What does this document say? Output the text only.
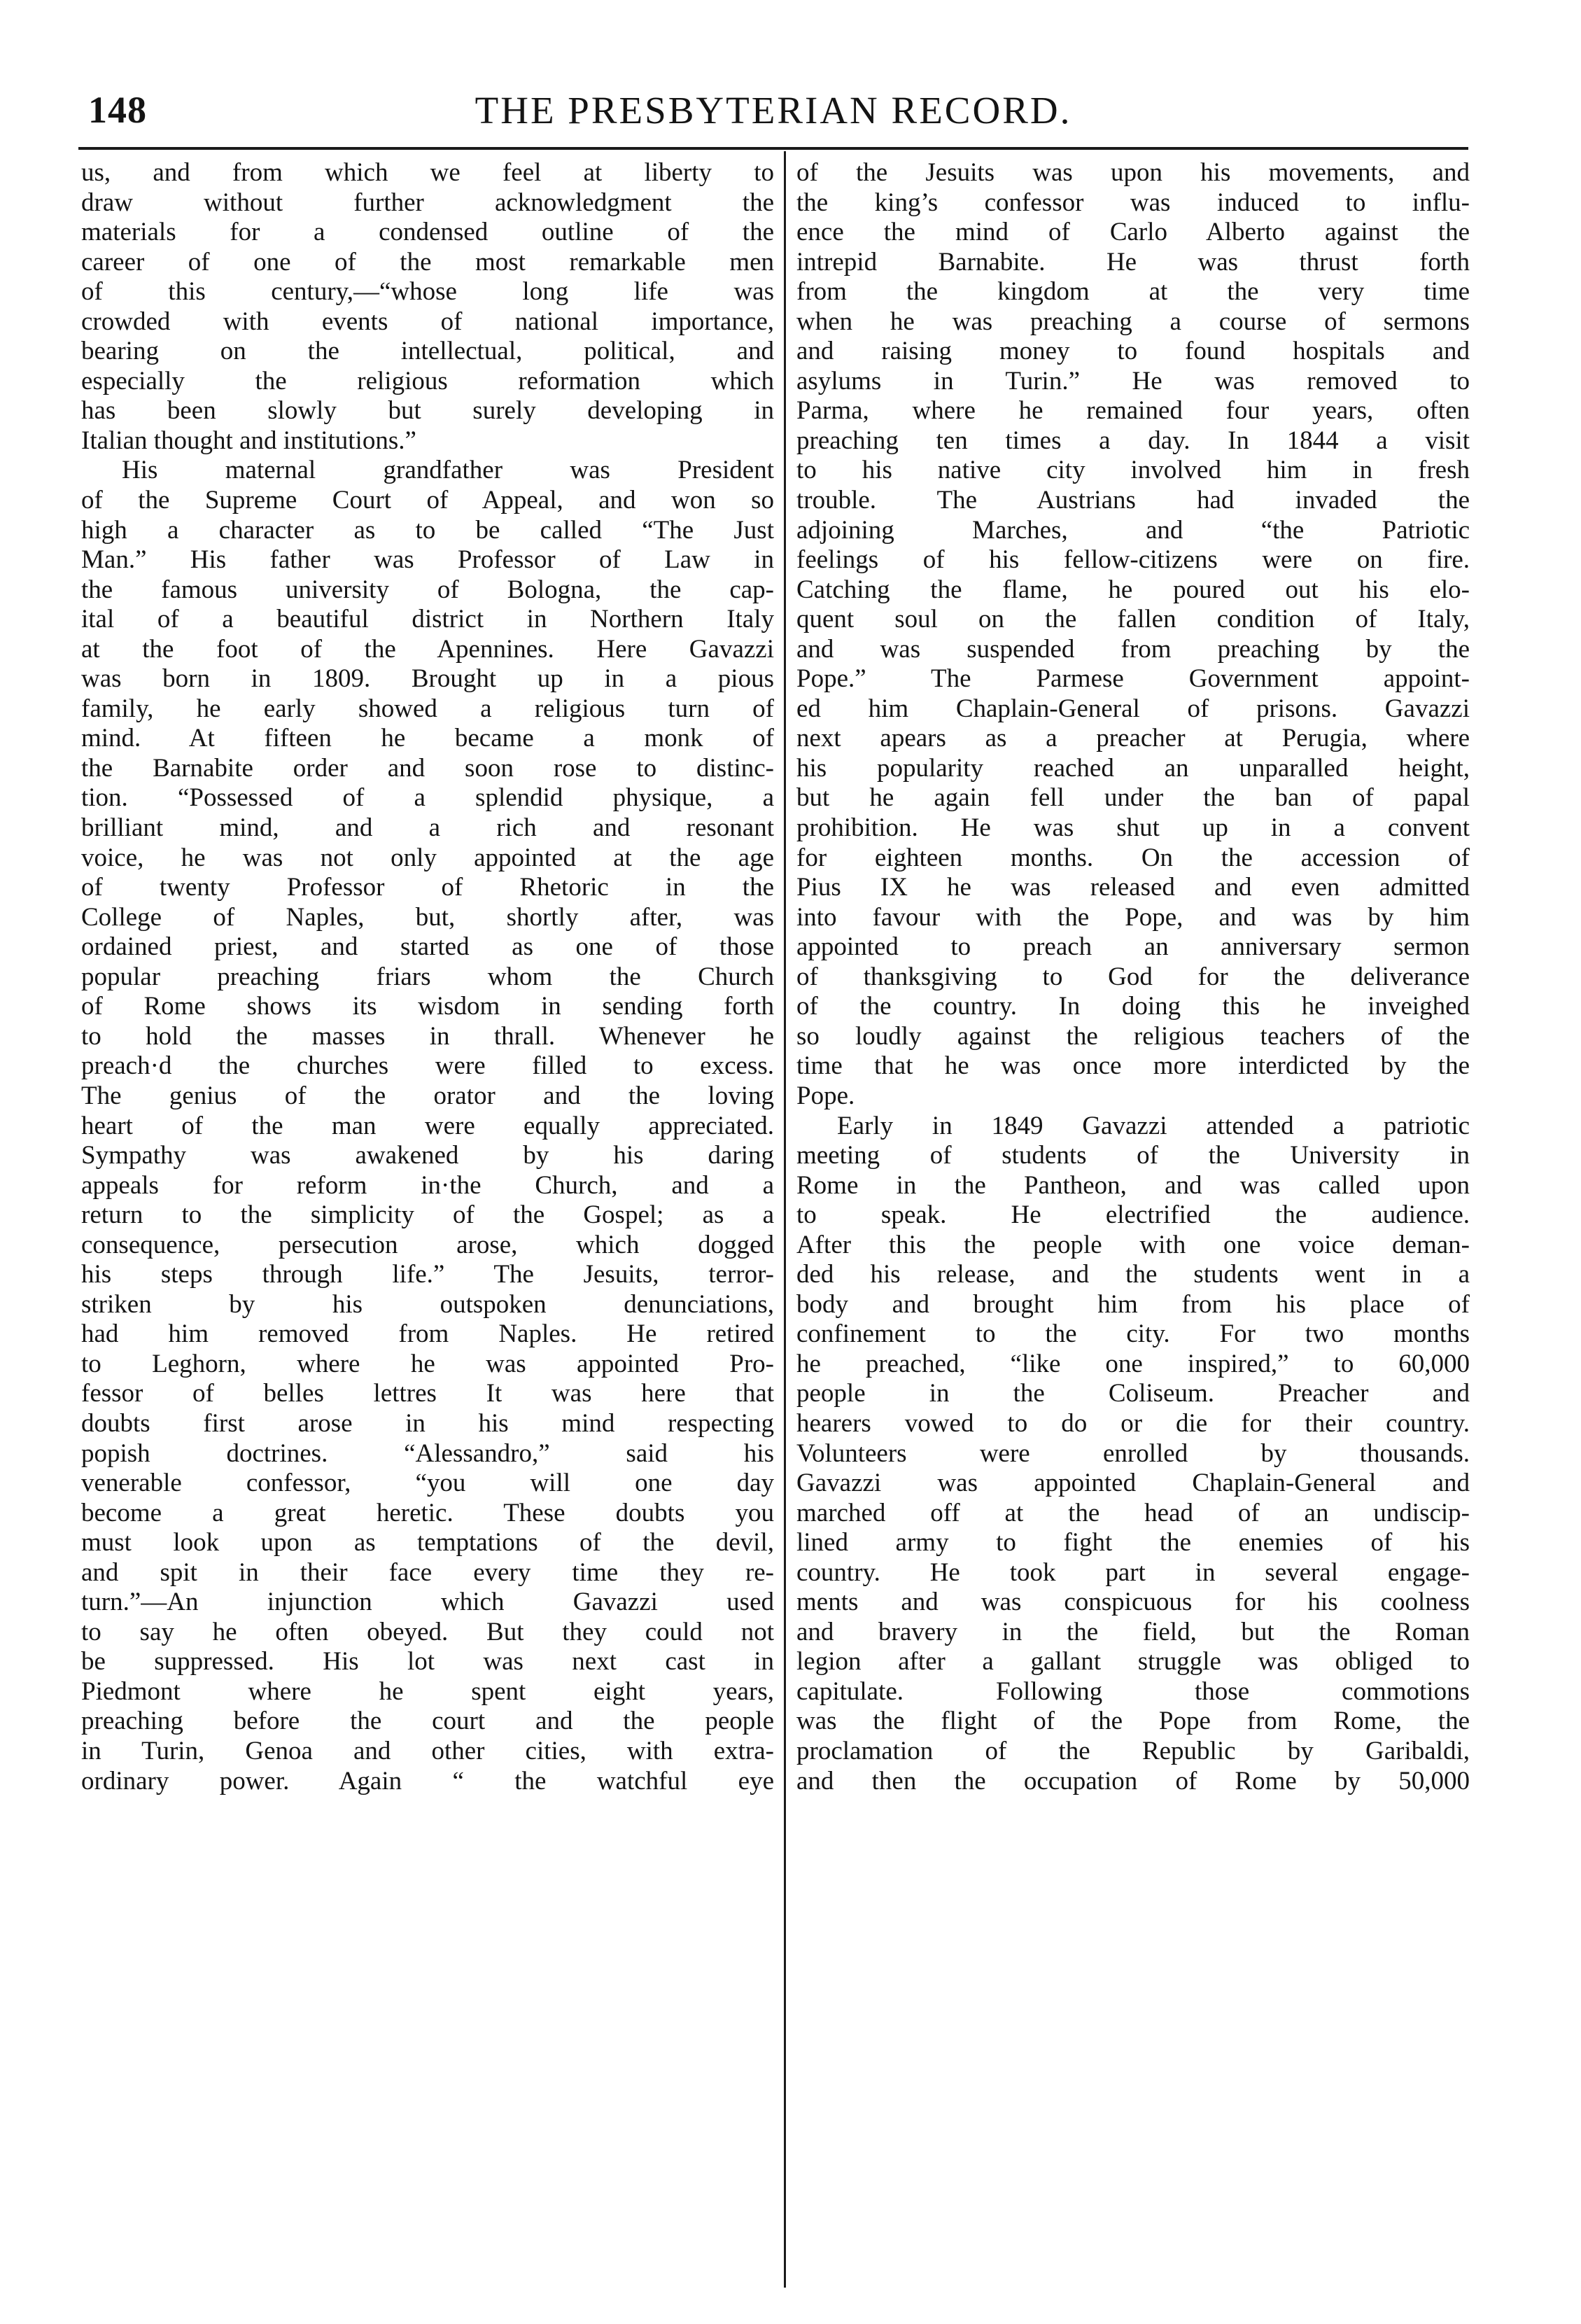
148	THE PRESBYTERIAN RECORD.
us, and from which we feel at liberty to
draw without further acknowledgment the
materials for a condensed outline of the
career of one of the most remarkable men
of this century,—“whose long life was
crowded with events of national importance,
bearing on the intellectual, political, and
especially the religious reformation which
has been slowly but surely developing in
Italian thought and institutions.”
His maternal grandfather was President
of the Supreme Court of Appeal, and won so
high a character as to be called “The Just
Man.” His father was Professor of Law in
the famous university of Bologna, the cap-
ital of a beautiful district in Northern Italy
at the foot of the Apennines. Here Gavazzi
was born in 1809. Brought up in a pious
family, he early showed a religious turn of
mind. At fifteen he became a monk of
the Barnabite order and soon rose to distinc-
tion. “Possessed of a splendid physique, a
brilliant mind, and a rich and resonant
voice, he was not only appointed at the age
of twenty Professor of Rhetoric in the
College of Naples, but, shortly after, was
ordained priest, and started as one of those
popular preaching friars whom the Church
of Rome shows its wisdom in sending forth
to hold the masses in thrall. Whenever he
preach·d the churches were filled to excess.
The genius of the orator and the loving
heart of the man were equally appreciated.
Sympathy was awakened by his daring
appeals for reform in·the Church, and a
return to the simplicity of the Gospel; as a
consequence, persecution arose, which dogged
his steps through life.” The Jesuits, terror-
striken by his outspoken denunciations,
had him removed from Naples. He retired
to Leghorn, where he was appointed Pro-
fessor of belles lettres It was here that
doubts first arose in his mind respecting
popish doctrines. “Alessandro,” said his
venerable confessor, “you will one day
become a great heretic. These doubts you
must look upon as temptations of the devil,
and spit in their face every time they re-
turn.”—An injunction which Gavazzi used
to say he often obeyed. But they could not
be suppressed. His lot was next cast in
Piedmont where he spent eight years,
preaching before the court and the people
in Turin, Genoa and other cities, with extra-
ordinary power. Again “ the watchful eye
of the Jesuits was upon his movements, and
the king’s confessor was induced to influ-
ence the mind of Carlo Alberto against the
intrepid Barnabite. He was thrust forth
from the kingdom at the very time
when he was preaching a course of sermons
and raising money to found hospitals and
asylums in Turin.” He was removed to
Parma, where he remained four years, often
preaching ten times a day. In 1844 a visit
to his native city involved him in fresh
trouble. The Austrians had invaded the
adjoining Marches, and “the Patriotic
feelings of his fellow-citizens were on fire.
Catching the flame, he poured out his elo-
quent soul on the fallen condition of Italy,
and was suspended from preaching by the
Pope.” The Parmese Government appoint-
ed him Chaplain-General of prisons. Gavazzi
next apears as a preacher at Perugia, where
his popularity reached an unparalled height,
but he again fell under the ban of papal
prohibition. He was shut up in a convent
for eighteen months. On the accession of
Pius IX he was released and even admitted
into favour with the Pope, and was by him
appointed to preach an anniversary sermon
of thanksgiving to God for the deliverance
of the country. In doing this he inveighed
so loudly against the religious teachers of the
time that he was once more interdicted by the
Pope.
Early in 1849 Gavazzi attended a patriotic
meeting of students of the University in
Rome in the Pantheon, and was called upon
to speak. He electrified the audience.
After this the people with one voice deman-
ded his release, and the students went in a
body and brought him from his place of
confinement to the city. For two months
he preached, “like one inspired,” to 60,000
people in the Coliseum. Preacher and
hearers vowed to do or die for their country.
Volunteers were enrolled by thousands.
Gavazzi was appointed Chaplain-General and
marched off at the head of an undiscip-
lined army to fight the enemies of his
country. He took part in several engage-
ments and was conspicuous for his coolness
and bravery in the field, but the Roman
legion after a gallant struggle was obliged to
capitulate. Following those commotions
was the flight of the Pope from Rome, the
proclamation of the Republic by Garibaldi,
and then the occupation of Rome by 50,000
